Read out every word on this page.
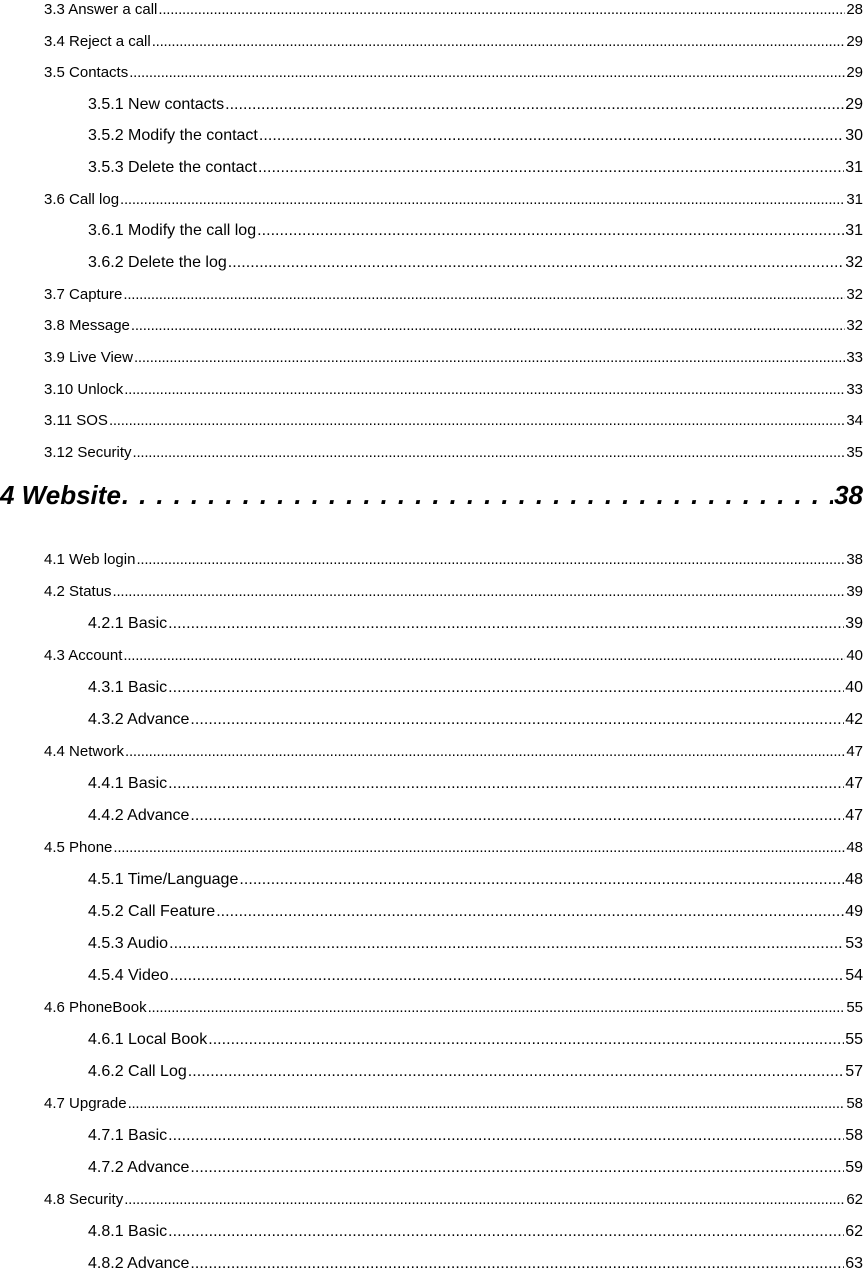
3.3 Answer a call . . .	28
3.4 Reject a call . . .	29
3.5 Contacts . . .	29
3.5.1 New contacts . . .	29
3.5.2 Modify the contact . . .	30
3.5.3 Delete the contact . . .	31
3.6 Call log . . .	31
3.6.1 Modify the call log . . .	31
3.6.2 Delete the log . . .	32
3.7 Capture . . .	32
3.8 Message . . .	32
3.9 Live View . . .	33
3.10 Unlock . . .	33
3.11 SOS . . .	34
3.12 Security . . .	35
4 Website . . .	38
4.1 Web login . . .	38
4.2 Status . . .	39
4.2.1 Basic . . .	39
4.3 Account . . .	40
4.3.1 Basic . . .	40
4.3.2 Advance . . .	42
4.4 Network . . .	47
4.4.1 Basic . . .	47
4.4.2 Advance . . .	47
4.5 Phone . . .	48
4.5.1 Time/Language . . .	48
4.5.2 Call Feature . . .	49
4.5.3 Audio . . .	53
4.5.4 Video . . .	54
4.6 PhoneBook . . .	55
4.6.1 Local Book . . .	55
4.6.2 Call Log . . .	57
4.7 Upgrade . . .	58
4.7.1 Basic . . .	58
4.7.2 Advance . . .	59
4.8 Security . . .	62
4.8.1 Basic . . .	62
4.8.2 Advance . . .	63
